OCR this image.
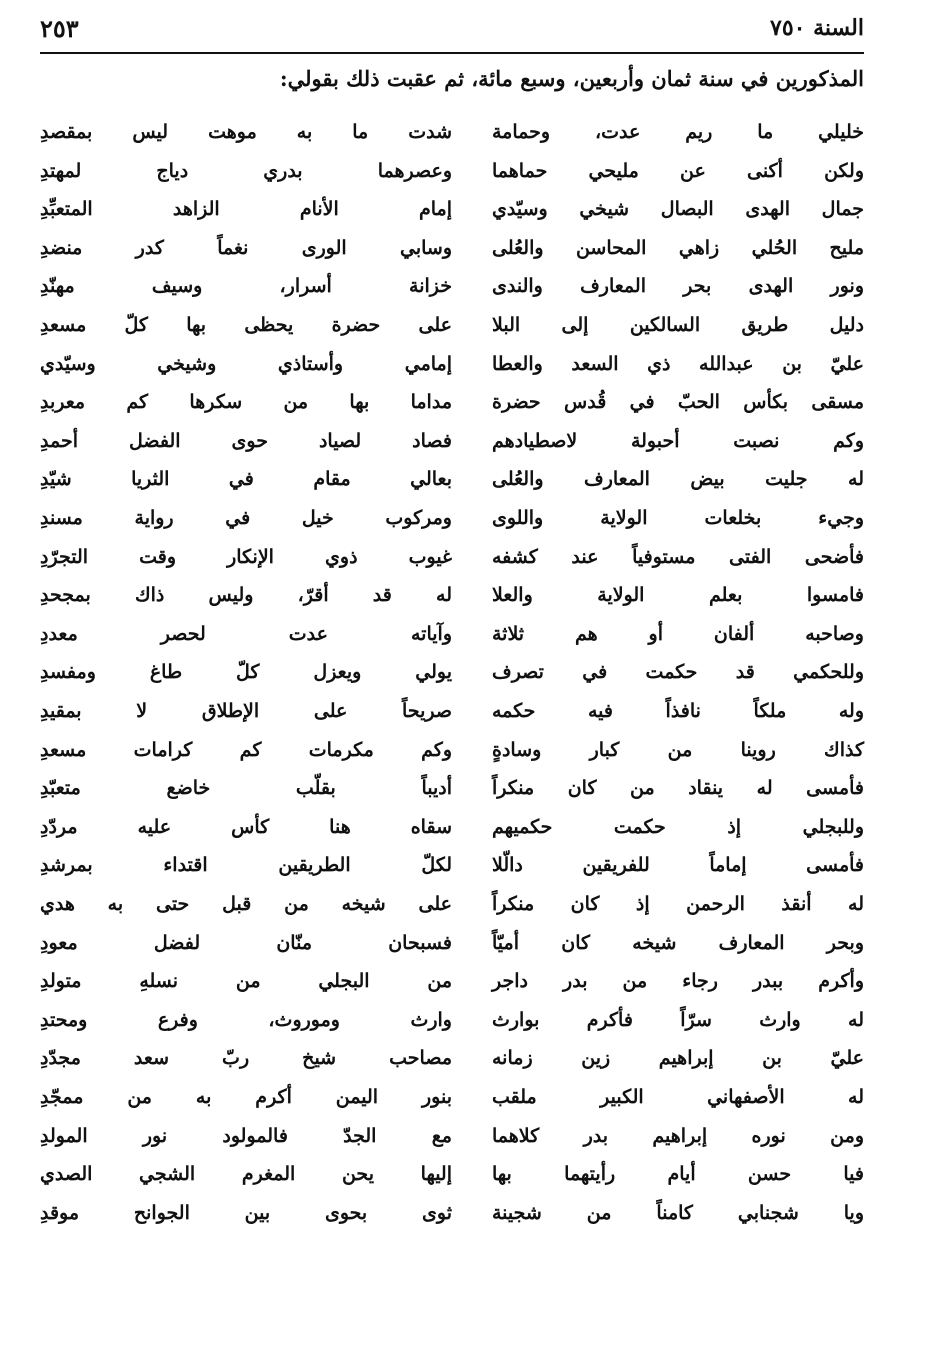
السنة ٧٥٠
٢٥٣
المذكورين في سنة ثمان وأربعين، وسبع مائة، ثم عقبت ذلك بقولي:
خليلي ما ريم عدت، وحمامة
شدت ما به موهت ليس بمقصدِ
ولكن أكنى عن مليحي حماهما
وعصرهما بدري دياج لمهتدِ
جمال الهدى البصال شيخي وسيّدي
إمام الأنام الزاهد المتعبِّدِ
مليح الحُلي زاهي المحاسن والعُلى
وسابي الورى نغماً كدر منضدِ
ونور الهدى بحر المعارف والندى
خزانة أسرار، وسيف مهنّدِ
دليل طريق السالكين إلى البلا
على حضرة يحظى بها كلّ مسعدِ
عليّ بن عبدالله ذي السعد والعطا
إمامي وأستاذي وشيخي وسيّدي
مسقى بكأس الحبّ في قُدس حضرة
مداما بها من سكرها كم معربدِ
وكم نصبت أحبولة لاصطيادهم
فصاد لصياد حوى الفضل أحمدِ
له جليت بيض المعارف والعُلى
بعالي مقام في الثريا شيّدِ
وجيء بخلعات الولاية واللوى
ومركوب خيل في رواية مسندِ
فأضحى الفتى مستوفياً عند كشفه
غيوب ذوي الإنكار وقت التجرّدِ
فامسوا بعلم الولاية والعلا
له قد أقرّ، وليس ذاك بمجحدِ
وصاحبه ألفان أو هم ثلاثة
وآياته عدت لحصر معددِ
وللحكمي قد حكمت في تصرف
يولي ويعزل كلّ طاغ ومفسدِ
وله ملكاً نافذاً فيه حكمه
صريحاً على الإطلاق لا بمقيدِ
كذاك روينا من كبار وسادةٍ
وكم مكرمات كم كرامات مسعدِ
فأمسى له ينقاد من كان منكراً
أديباً بقلّب خاضع متعبّدِ
وللبجلي إذ حكمت حكميهم
سقاه هنا كأس عليه مردّدِ
فأمسى إماماً للفريقين دالّلا
لكلّ الطريقين اقتداء بمرشدِ
له أنقذ الرحمن إذ كان منكراً
على شيخه من قبل حتى به هدي
وبحر المعارف شيخه كان أميّاً
فسبحان منّان لفضل معودِ
وأكرم ببدر رجاء من بدر داجر
من البجلي من نسلهِ متولدِ
له وارث سرّاً فأكرم بوارث
وارث وموروث، وفرع ومحتدِ
عليّ بن إبراهيم زين زمانه
مصاحب شيخ ربّ سعد مجدّدِ
له الأصفهاني الكبير ملقب
بنور اليمن أكرم به من ممجّدِ
ومن نوره إبراهيم بدر كلاهما
مع الجدّ فالمولود نور المولدِ
فيا حسن أيام رأيتهما بها
إليها يحن المغرم الشجي الصدي
ويا شجنابي كامناً من شجينة
ثوى بحوى بين الجوانح موقدِ
